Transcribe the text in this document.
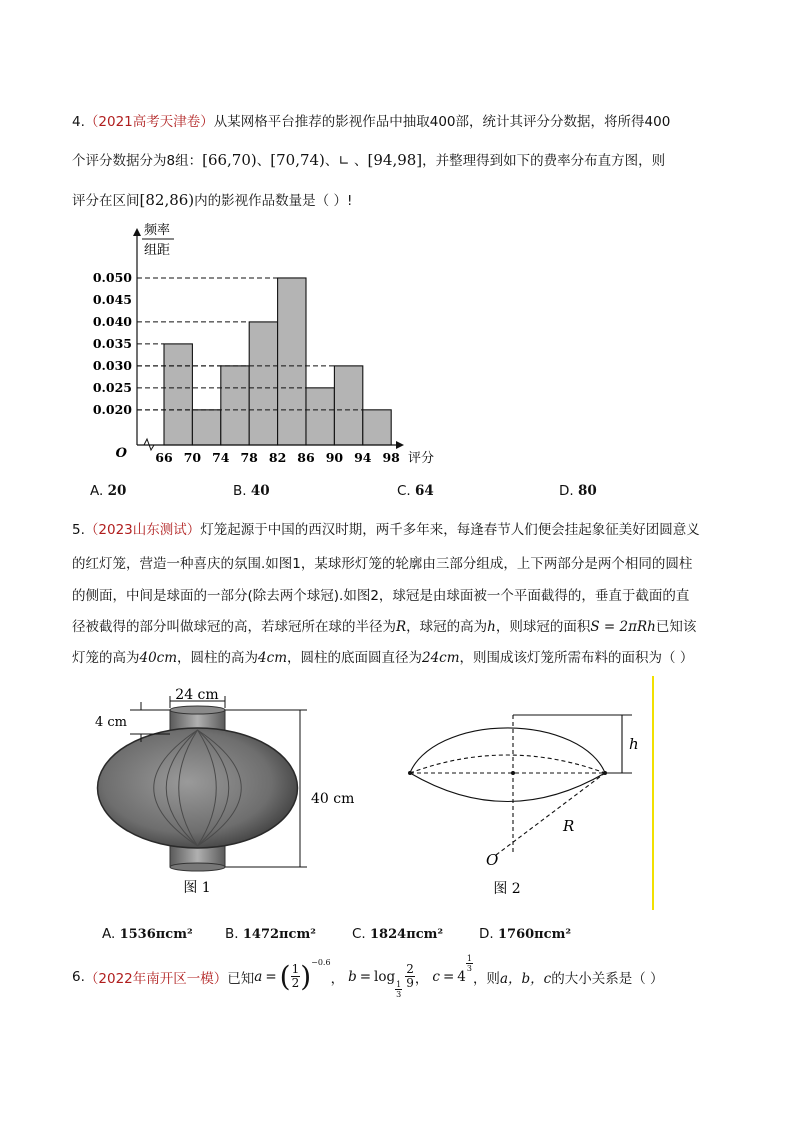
4.（2021高考天津卷）从某网格平台推荐的影视作品中抽取400部，统计其评分分数据，将所得400
个评分数据分为8组：[66,70)、[70,74)、∟ 、[94,98]，并整理得到如下的费率分布直方图，则
评分在区间[82,86)内的影视作品数量是（ ）!
0.050
0.045
0.040
0.035
0.030
0.025
0.020
66 70 74 78 82 86 90 94 98
O	评分
频率
组距
A. 20	B. 40	C. 64	D. 80
5.（2023山东测试）灯笼起源于中国的西汉时期，两千多年来，每逢春节人们便会挂起象征美好团圆意义
的红灯笼，营造一种喜庆的氛围.如图1，某球形灯笼的轮廓由三部分组成，上下两部分是两个相同的圆柱
的侧面，中间是球面的一部分(除去两个球冠).如图2，球冠是由球面被一个平面截得的，垂直于截面的直
径被截得的部分叫做球冠的高，若球冠所在球的半径为R，球冠的高为h，则球冠的面积S = 2πRh已知该
灯笼的高为40cm，圆柱的高为4cm，圆柱的底面圆直径为24cm，则围成该灯笼所需布料的面积为（ ）
24 cm
4 cm
40 cm
图 1
h
R
O
图 2
A. 1536πcm² B. 1472πcm²	C. 1824πcm²	D. 1760πcm²
6. （2022年南开区一模） 已知 a = ( $\frac{1}{2}$ ) −0.6
， b = log
$\frac{1}{3} \frac{2}{9}$ ， c = 4
$\frac{1}{3}$
，则 a，b，c 的大小关系是（ ）
